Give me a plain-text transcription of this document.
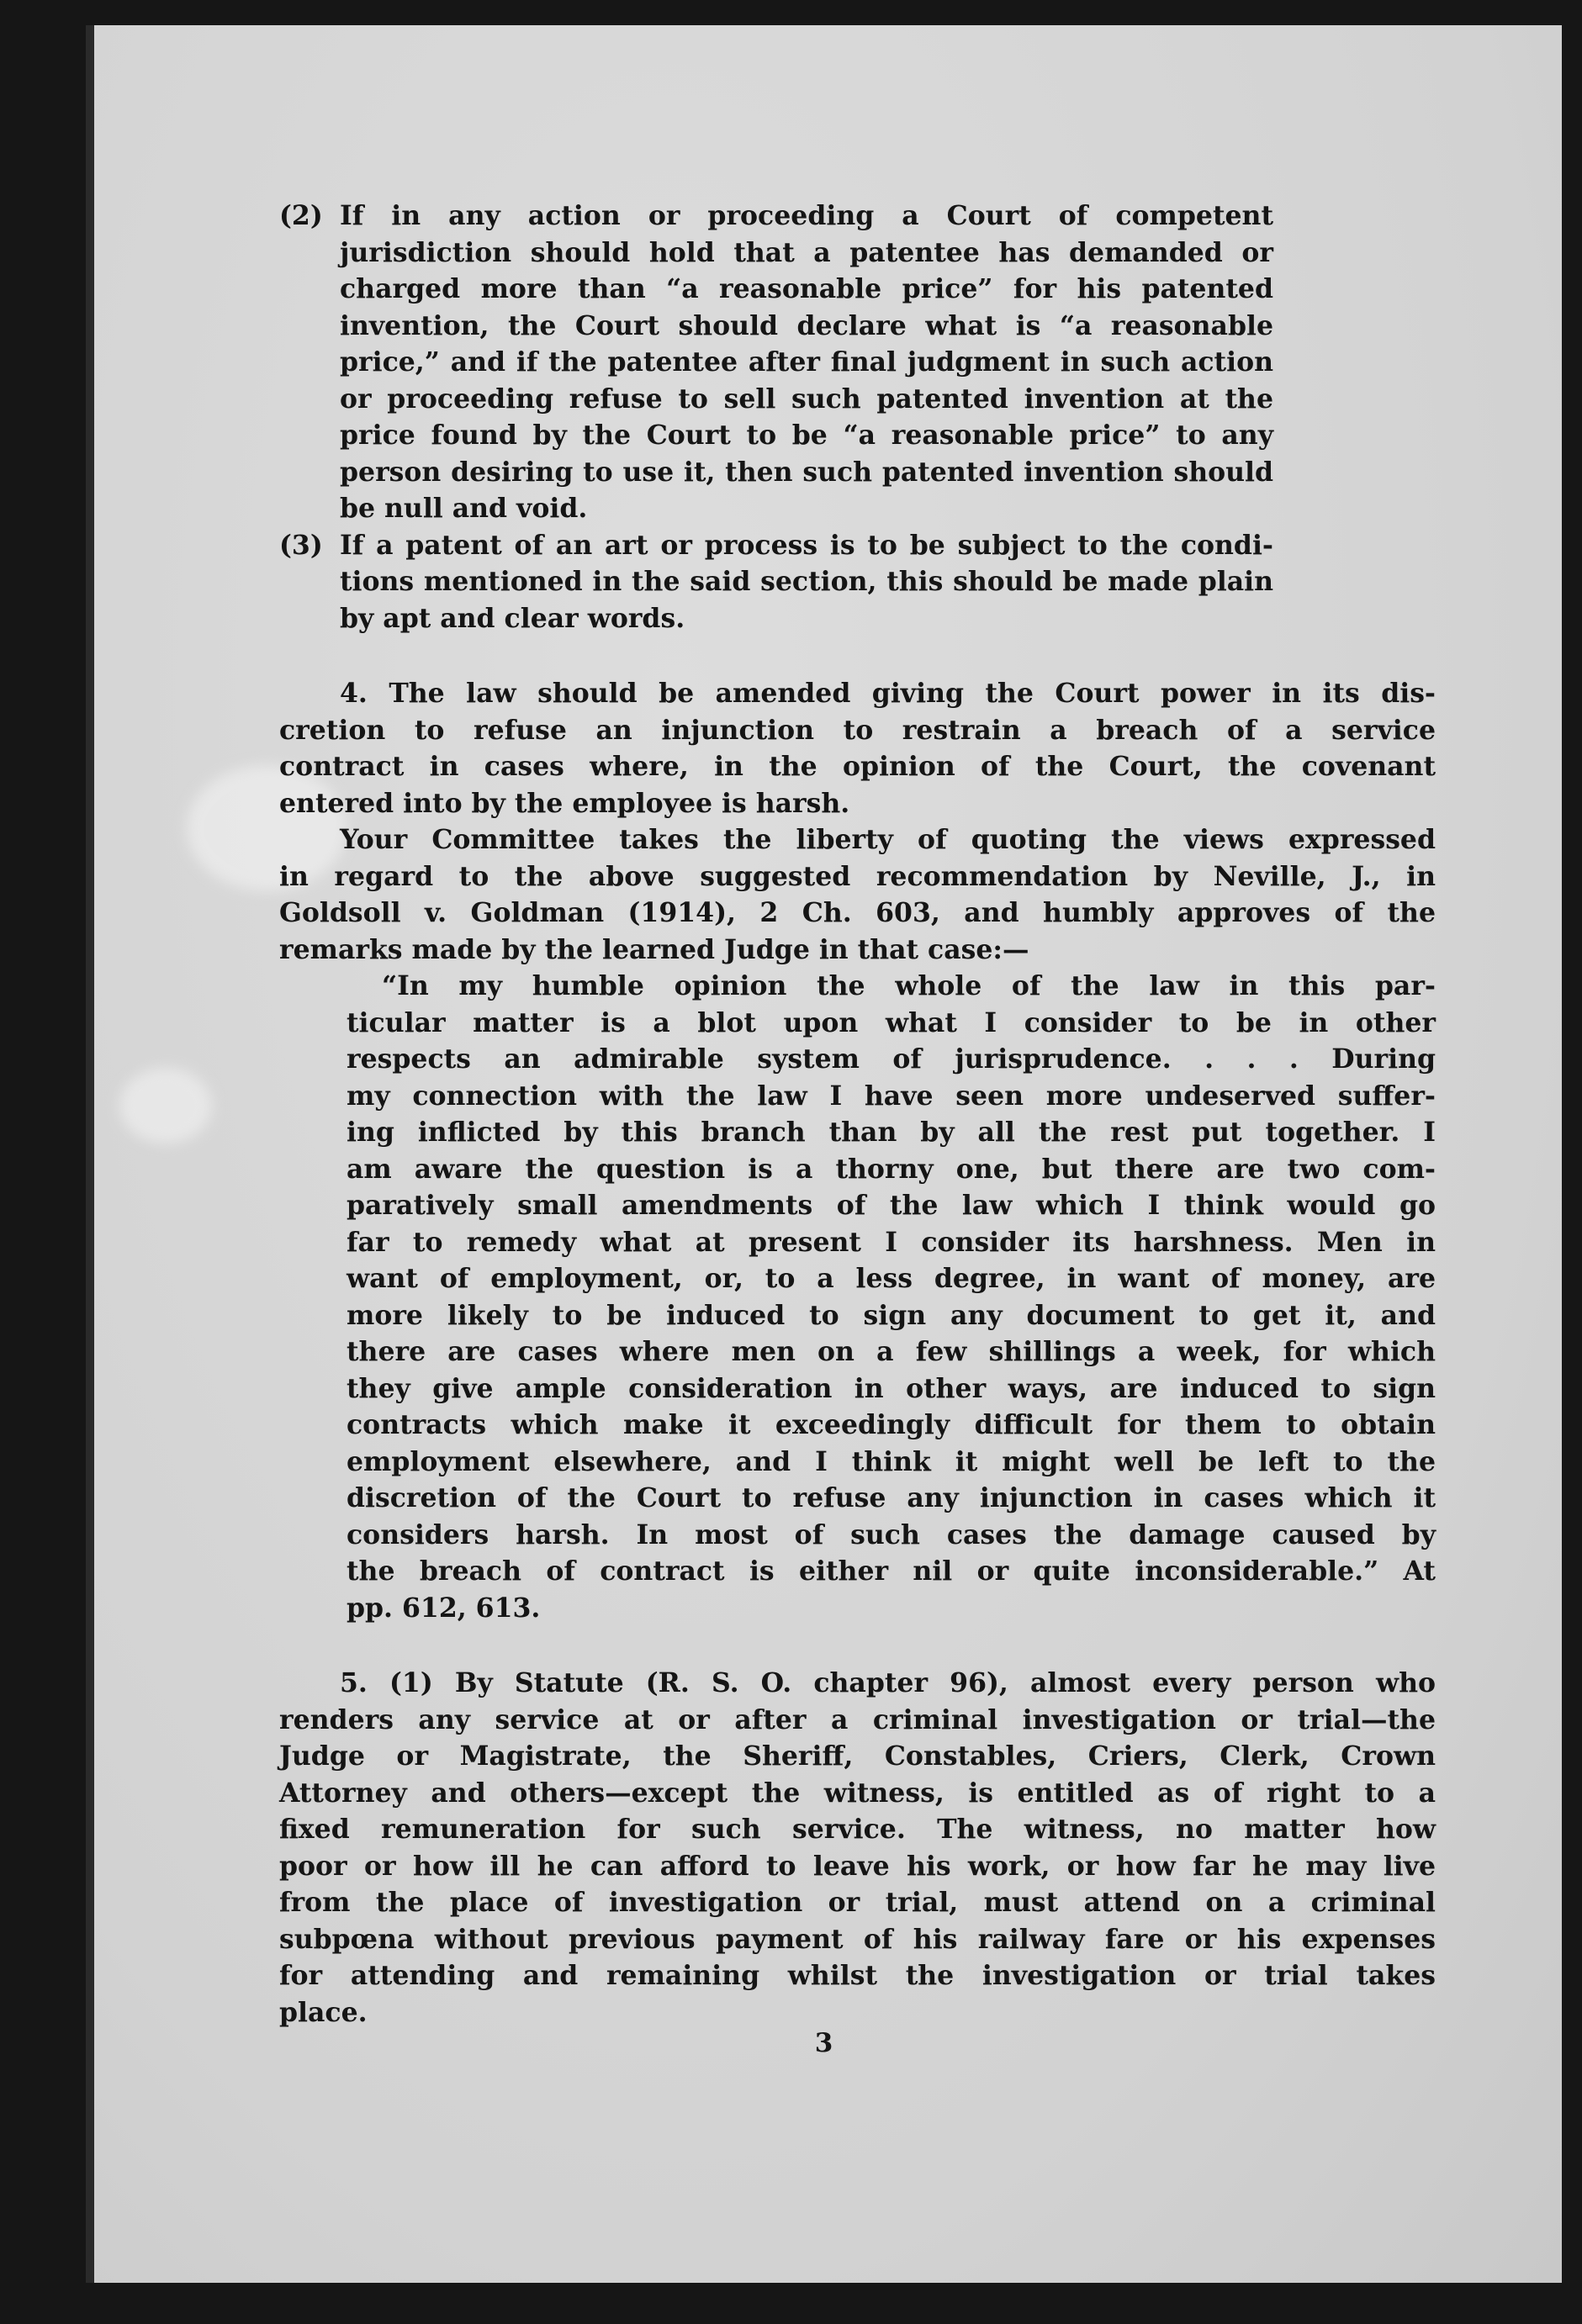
(2) If in any action or proceeding a Court of competent
jurisdiction should hold that a patentee has demanded or
charged more than “a reasonable price” for his patented
invention, the Court should declare what is “a reasonable
price,” and if the patentee after final judgment in such action
or proceeding refuse to sell such patented invention at the
price found by the Court to be “a reasonable price” to any
person desiring to use it, then such patented invention should
be null and void.
(3) If a patent of an art or process is to be subject to the condi-
tions mentioned in the said section, this should be made plain
by apt and clear words.
4. The law should be amended giving the Court power in its dis-
cretion to refuse an injunction to restrain a breach of a service
contract in cases where, in the opinion of the Court, the covenant
entered into by the employee is harsh.
Your Committee takes the liberty of quoting the views expressed
in regard to the above suggested recommendation by Neville, J., in
Goldsoll v. Goldman (1914), 2 Ch. 603, and humbly approves of the
remarks made by the learned Judge in that case:—
“In my humble opinion the whole of the law in this par-
ticular matter is a blot upon what I consider to be in other
respects an admirable system of jurisprudence. . . . During
my connection with the law I have seen more undeserved suffer-
ing inflicted by this branch than by all the rest put together. I
am aware the question is a thorny one, but there are two com-
paratively small amendments of the law which I think would go
far to remedy what at present I consider its harshness. Men in
want of employment, or, to a less degree, in want of money, are
more likely to be induced to sign any document to get it, and
there are cases where men on a few shillings a week, for which
they give ample consideration in other ways, are induced to sign
contracts which make it exceedingly difficult for them to obtain
employment elsewhere, and I think it might well be left to the
discretion of the Court to refuse any injunction in cases which it
considers harsh. In most of such cases the damage caused by
the breach of contract is either nil or quite inconsiderable.” At
pp. 612, 613.
5. (1) By Statute (R. S. O. chapter 96), almost every person who
renders any service at or after a criminal investigation or trial—the
Judge or Magistrate, the Sheriff, Constables, Criers, Clerk, Crown
Attorney and others—except the witness, is entitled as of right to a
fixed remuneration for such service. The witness, no matter how
poor or how ill he can afford to leave his work, or how far he may live
from the place of investigation or trial, must attend on a criminal
subpœna without previous payment of his railway fare or his expenses
for attending and remaining whilst the investigation or trial takes
place.
3
